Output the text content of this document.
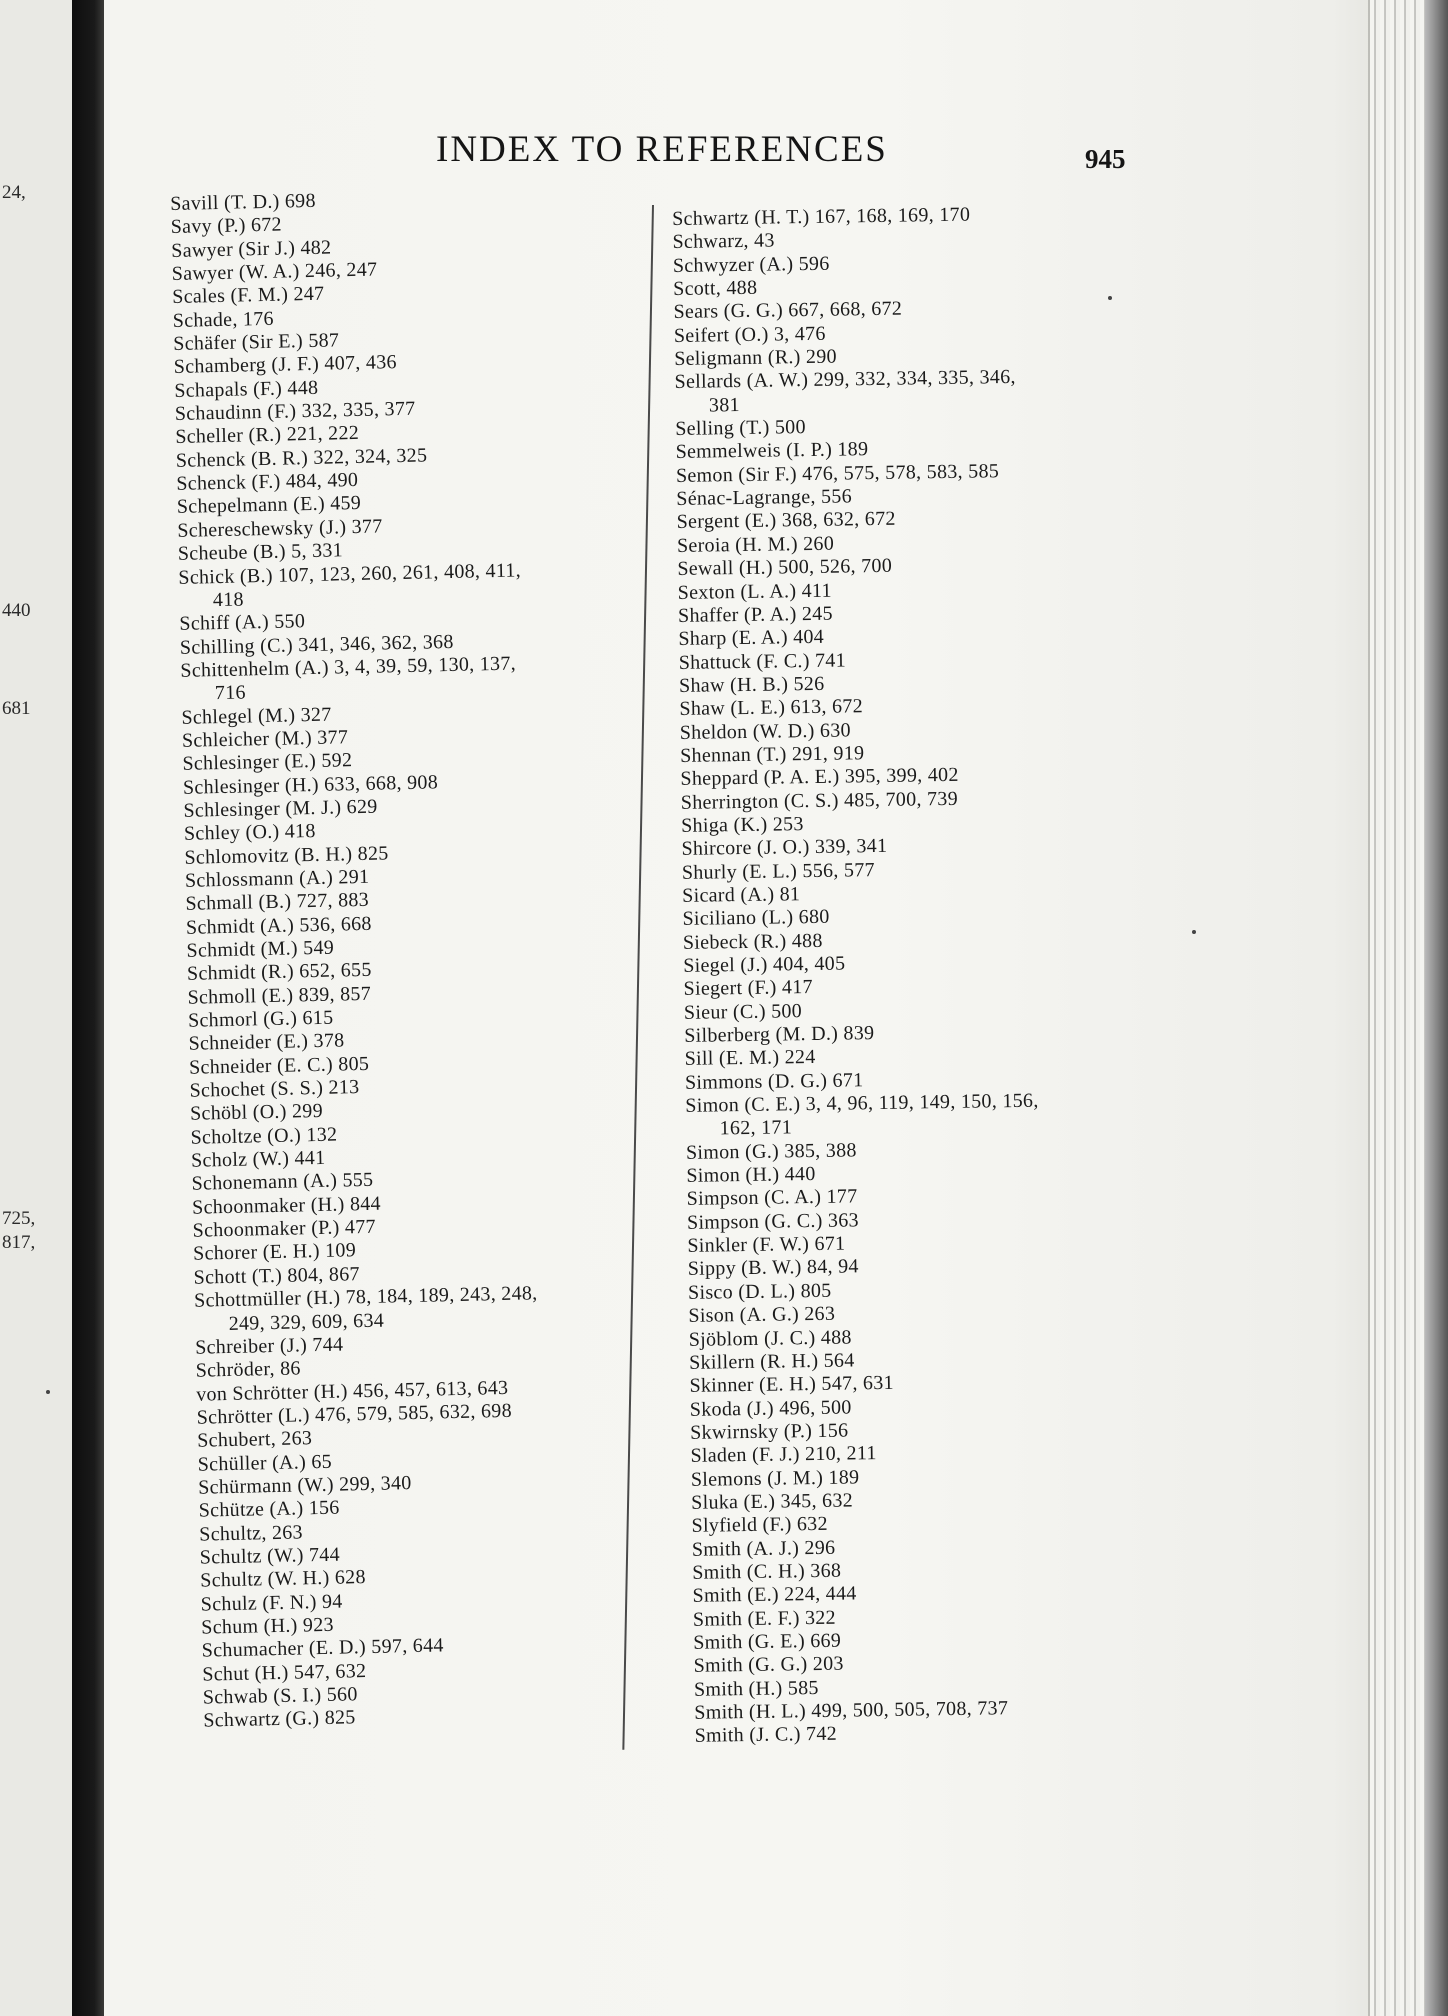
24,
440
681
725,
817,
INDEX TO REFERENCES	945
Savill (T. D.) 698
Savy (P.) 672
Sawyer (Sir J.) 482
Sawyer (W. A.) 246, 247
Scales (F. M.) 247
Schade, 176
Schäfer (Sir E.) 587
Schamberg (J. F.) 407, 436
Schapals (F.) 448
Schaudinn (F.) 332, 335, 377
Scheller (R.) 221, 222
Schenck (B. R.) 322, 324, 325
Schenck (F.) 484, 490
Schepelmann (E.) 459
Schereschewsky (J.) 377
Scheube (B.) 5, 331
Schick (B.) 107, 123, 260, 261, 408, 411,
418
Schiff (A.) 550
Schilling (C.) 341, 346, 362, 368
Schittenhelm (A.) 3, 4, 39, 59, 130, 137,
716
Schlegel (M.) 327
Schleicher (M.) 377
Schlesinger (E.) 592
Schlesinger (H.) 633, 668, 908
Schlesinger (M. J.) 629
Schley (O.) 418
Schlomovitz (B. H.) 825
Schlossmann (A.) 291
Schmall (B.) 727, 883
Schmidt (A.) 536, 668
Schmidt (M.) 549
Schmidt (R.) 652, 655
Schmoll (E.) 839, 857
Schmorl (G.) 615
Schneider (E.) 378
Schneider (E. C.) 805
Schochet (S. S.) 213
Schöbl (O.) 299
Scholtze (O.) 132
Scholz (W.) 441
Schonemann (A.) 555
Schoonmaker (H.) 844
Schoonmaker (P.) 477
Schorer (E. H.) 109
Schott (T.) 804, 867
Schottmüller (H.) 78, 184, 189, 243, 248,
249, 329, 609, 634
Schreiber (J.) 744
Schröder, 86
von Schrötter (H.) 456, 457, 613, 643
Schrötter (L.) 476, 579, 585, 632, 698
Schubert, 263
Schüller (A.) 65
Schürmann (W.) 299, 340
Schütze (A.) 156
Schultz, 263
Schultz (W.) 744
Schultz (W. H.) 628
Schulz (F. N.) 94
Schum (H.) 923
Schumacher (E. D.) 597, 644
Schut (H.) 547, 632
Schwab (S. I.) 560
Schwartz (G.) 825
Schwartz (H. T.) 167, 168, 169, 170
Schwarz, 43
Schwyzer (A.) 596
Scott, 488
Sears (G. G.) 667, 668, 672
Seifert (O.) 3, 476
Seligmann (R.) 290
Sellards (A. W.) 299, 332, 334, 335, 346,
381
Selling (T.) 500
Semmelweis (I. P.) 189
Semon (Sir F.) 476, 575, 578, 583, 585
Sénac-Lagrange, 556
Sergent (E.) 368, 632, 672
Seroia (H. M.) 260
Sewall (H.) 500, 526, 700
Sexton (L. A.) 411
Shaffer (P. A.) 245
Sharp (E. A.) 404
Shattuck (F. C.) 741
Shaw (H. B.) 526
Shaw (L. E.) 613, 672
Sheldon (W. D.) 630
Shennan (T.) 291, 919
Sheppard (P. A. E.) 395, 399, 402
Sherrington (C. S.) 485, 700, 739
Shiga (K.) 253
Shircore (J. O.) 339, 341
Shurly (E. L.) 556, 577
Sicard (A.) 81
Siciliano (L.) 680
Siebeck (R.) 488
Siegel (J.) 404, 405
Siegert (F.) 417
Sieur (C.) 500
Silberberg (M. D.) 839
Sill (E. M.) 224
Simmons (D. G.) 671
Simon (C. E.) 3, 4, 96, 119, 149, 150, 156,
162, 171
Simon (G.) 385, 388
Simon (H.) 440
Simpson (C. A.) 177
Simpson (G. C.) 363
Sinkler (F. W.) 671
Sippy (B. W.) 84, 94
Sisco (D. L.) 805
Sison (A. G.) 263
Sjöblom (J. C.) 488
Skillern (R. H.) 564
Skinner (E. H.) 547, 631
Skoda (J.) 496, 500
Skwirnsky (P.) 156
Sladen (F. J.) 210, 211
Slemons (J. M.) 189
Sluka (E.) 345, 632
Slyfield (F.) 632
Smith (A. J.) 296
Smith (C. H.) 368
Smith (E.) 224, 444
Smith (E. F.) 322
Smith (G. E.) 669
Smith (G. G.) 203
Smith (H.) 585
Smith (H. L.) 499, 500, 505, 708, 737
Smith (J. C.) 742
